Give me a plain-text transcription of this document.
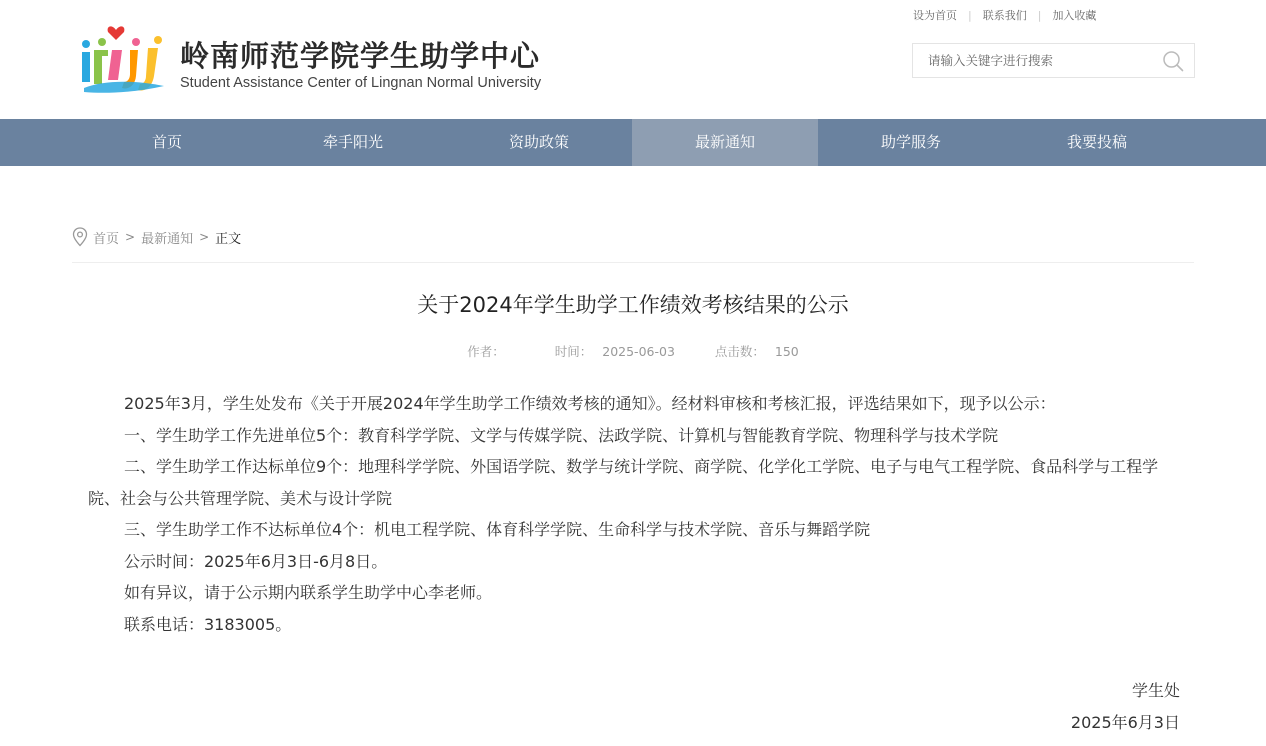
岭南师范学院学生助学中心
Student Assistance Center of Lingnan Normal University
设为首页 | 联系我们 | 加入收藏
请输入关键字进行搜索
首页	牵手阳光	资助政策	最新通知	助学服务	我要投稿
首页 > 最新通知 > 正文
关于2024年学生助学工作绩效考核结果的公示
作者：	时间： 2025-06-03	点击数： 150

2025年3月，学生处发布《关于开展2024年学生助学工作绩效考核的通知》。经材料审核和考核汇报，评选结果如下，现予以公示：

一、学生助学工作先进单位5个：教育科学学院、文学与传媒学院、法政学院、计算机与智能教育学院、物理科学与技术学院

二、学生助学工作达标单位9个：地理科学学院、外国语学院、数学与统计学院、商学院、化学化工学院、电子与电气工程学院、食品科学与工程学院、社会与公共管理学院、美术与设计学院

三、学生助学工作不达标单位4个：机电工程学院、体育科学学院、生命科学与技术学院、音乐与舞蹈学院

公示时间：2025年6月3日-6月8日。

如有异议，请于公示期内联系学生助学中心李老师。

联系电话：3183005。

学生处
2025年6月3日
